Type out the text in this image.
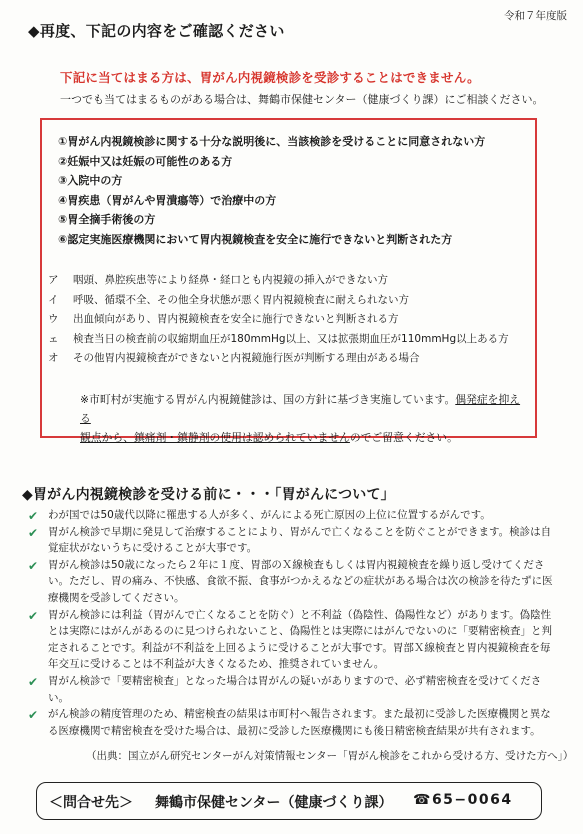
令和７年度版
◆再度、下記の内容をご確認ください
下記に当てはまる方は、胃がん内視鏡検診を受診することはできません。
一つでも当てはまるものがある場合は、舞鶴市保健センター（健康づくり課）にご相談ください。
①胃がん内視鏡検診に関する十分な説明後に、当該検診を受けることに同意されない方
②妊娠中又は妊娠の可能性のある方
③入院中の方
④胃疾患（胃がんや胃潰瘍等）で治療中の方
⑤胃全摘手術後の方
⑥認定実施医療機関において胃内視鏡検査を安全に施行できないと判断された方
ア 咽頭、鼻腔疾患等により経鼻・経口とも内視鏡の挿入ができない方
イ 呼吸、循環不全、その他全身状態が悪く胃内視鏡検査に耐えられない方
ウ 出血傾向があり、胃内視鏡検査を安全に施行できないと判断される方
ェ 検査当日の検査前の収縮期血圧が180mmHg以上、又は拡張期血圧が110mmHg以上ある方
オ その他胃内視鏡検査ができないと内視鏡施行医が判断する理由がある場合
※市町村が実施する胃がん内視鏡健診は、国の方針に基づき実施しています。偶発症を抑える
観点から、鎮痛剤・鎮静剤の使用は認められていませんのでご留意ください。
◆胃がん内視鏡検診を受ける前に・・・「胃がんについて」
✔ わが国では50歳代以降に罹患する人が多く、がんによる死亡原因の上位に位置するがんです。
✔ 胃がん検診で早期に発見して治療することにより、胃がんで亡くなることを防ぐことができます。検診は自覚症状がないうちに受けることが大事です。
✔ 胃がん検診は50歳になったら２年に１度、胃部のＸ線検査もしくは胃内視鏡検査を繰り返し受けてください。ただし、胃の痛み、不快感、食欲不振、食事がつかえるなどの症状がある場合は次の検診を待たずに医療機関を受診してください。
✔ 胃がん検診には利益（胃がんで亡くなることを防ぐ）と不利益（偽陰性、偽陽性など）があります。偽陰性とは実際にはがんがあるのに見つけられないこと、偽陽性とは実際にはがんでないのに「要精密検査」と判定されることです。利益が不利益を上回るように受けることが大事です。胃部Ｘ線検査と胃内視鏡検査を毎年交互に受けることは不利益が大きくなるため、推奨されていません。
✔ 胃がん検診で「要精密検査」となった場合は胃がんの疑いがありますので、必ず精密検査を受けてください。
✔ がん検診の精度管理のため、精密検査の結果は市町村へ報告されます。また最初に受診した医療機関と異なる医療機関で精密検査を受けた場合は、最初に受診した医療機関にも後日精密検査結果が共有されます。
（出典：国立がん研究センターがん対策情報センター「胃がん検診をこれから受ける方、受けた方へ」）
＜問合せ先＞ 舞鶴市保健センター（健康づくり課） ☎65−0064
